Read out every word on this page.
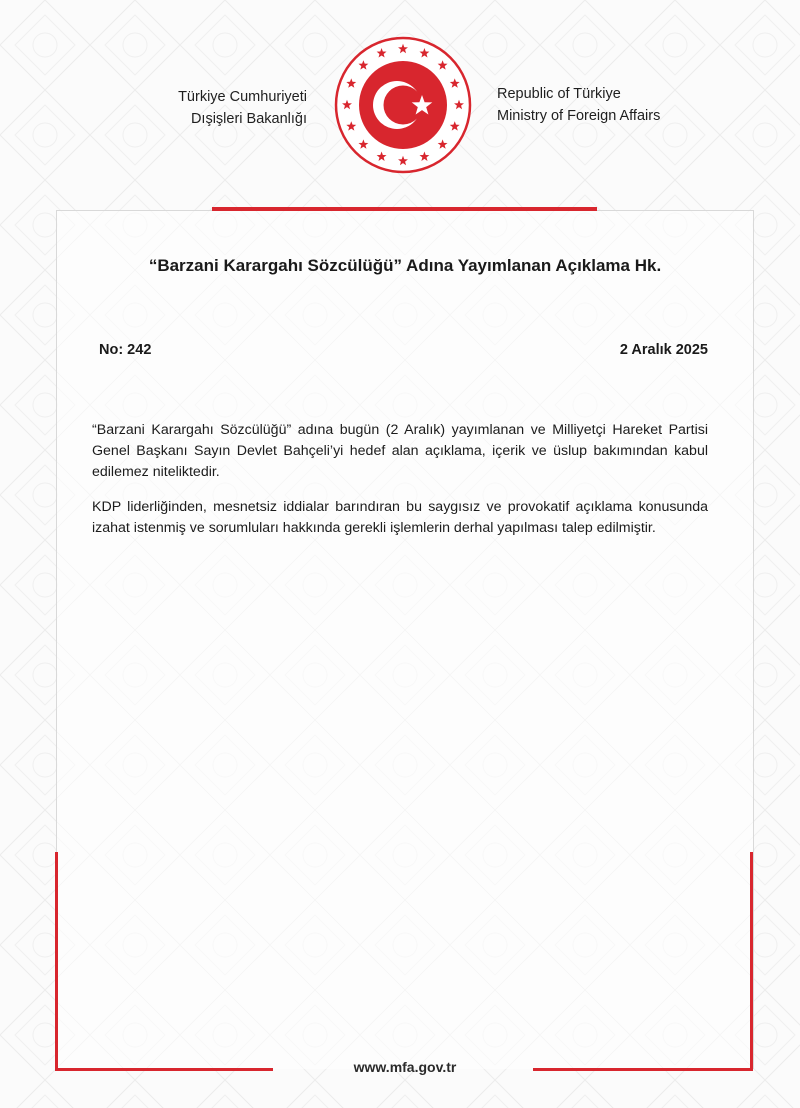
Türkiye Cumhuriyeti
Dışişleri Bakanlığı
Republic of Türkiye
Ministry of Foreign Affairs
“Barzani Karargahı Sözcülüğü” Adına Yayımlanan Açıklama Hk.
No: 242	2 Aralık 2025

“Barzani Karargahı Sözcülüğü” adına bugün (2 Aralık) yayımlanan ve Milliyetçi Hareket Partisi Genel Başkanı Sayın Devlet Bahçeli’yi hedef alan açıklama, içerik ve üslup bakımından kabul edilemez niteliktedir.

KDP liderliğinden, mesnetsiz iddialar barındıran bu saygısız ve provokatif açıklama konusunda izahat istenmiş ve sorumluları hakkında gerekli işlemlerin derhal yapılması talep edilmiştir.

www.mfa.gov.tr
